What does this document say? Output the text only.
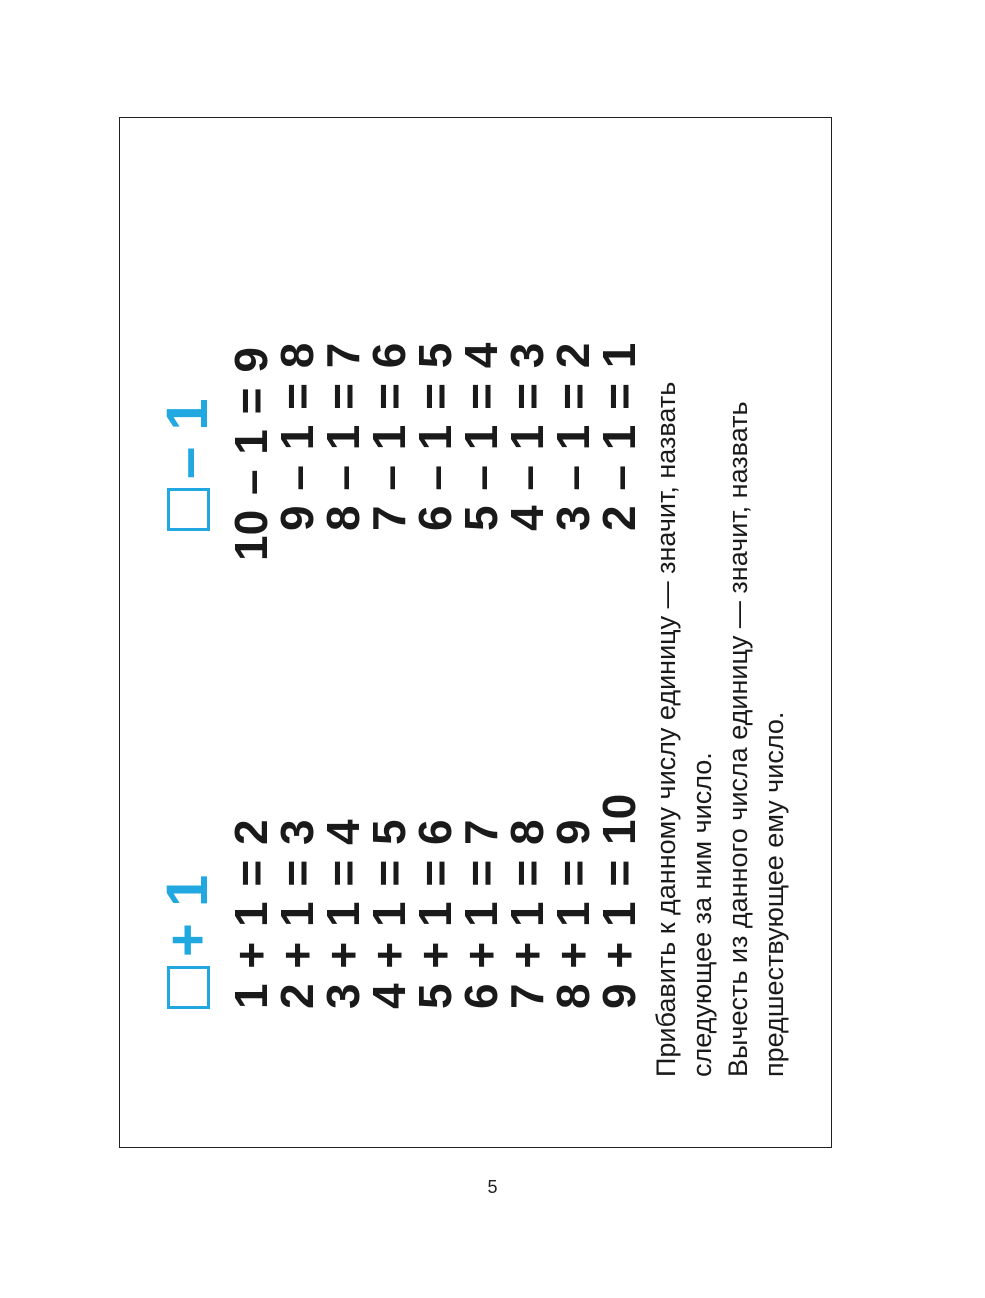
+ 1
– 1
1 + 1 = 2
2 + 1 = 3
3 + 1 = 4
4 + 1 = 5
5 + 1 = 6
6 + 1 = 7
7 + 1 = 8
8 + 1 = 9
9 + 1 = 10
10 – 1 = 9
9 – 1 = 8
8 – 1 = 7
7 – 1 = 6
6 – 1 = 5
5 – 1 = 4
4 – 1 = 3
3 – 1 = 2
2 – 1 = 1 Прибавить к данному числу единицу — значит, назвать следующее за ним число. Вычесть из данного числа единицу — значит, назвать предшествующее ему число.
5
